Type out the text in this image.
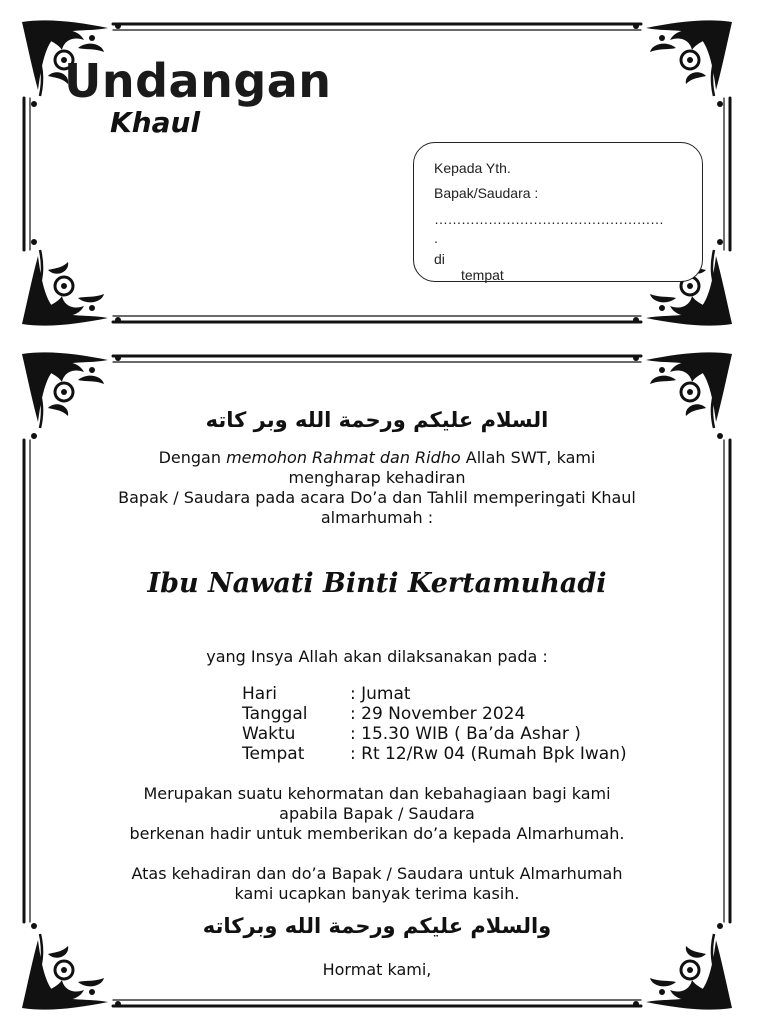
Undangan
Khaul
Kepada Yth.
Bapak/Saudara :
……………………………………………
.
di
tempat
السلام عليكم ورحمة الله وبر كاته
Dengan memohon Rahmat dan Ridho Allah SWT, kami
mengharap kehadiran
Bapak / Saudara pada acara Do’a dan Tahlil memperingati Khaul
almarhumah :
Ibu Nawati Binti Kertamuhadi
yang Insya Allah akan dilaksanakan pada :
Hari	: Jumat
Tanggal	: 29 November 2024
Waktu	: 15.30 WIB ( Ba’da Ashar )
Tempat	: Rt 12/Rw 04 (Rumah Bpk Iwan)
Merupakan suatu kehormatan dan kebahagiaan bagi kami
apabila Bapak / Saudara
berkenan hadir untuk memberikan do’a kepada Almarhumah.
Atas kehadiran dan do’a Bapak / Saudara untuk Almarhumah
kami ucapkan banyak terima kasih.
والسلام عليكم ورحمة الله وبركاته
Hormat kami,
